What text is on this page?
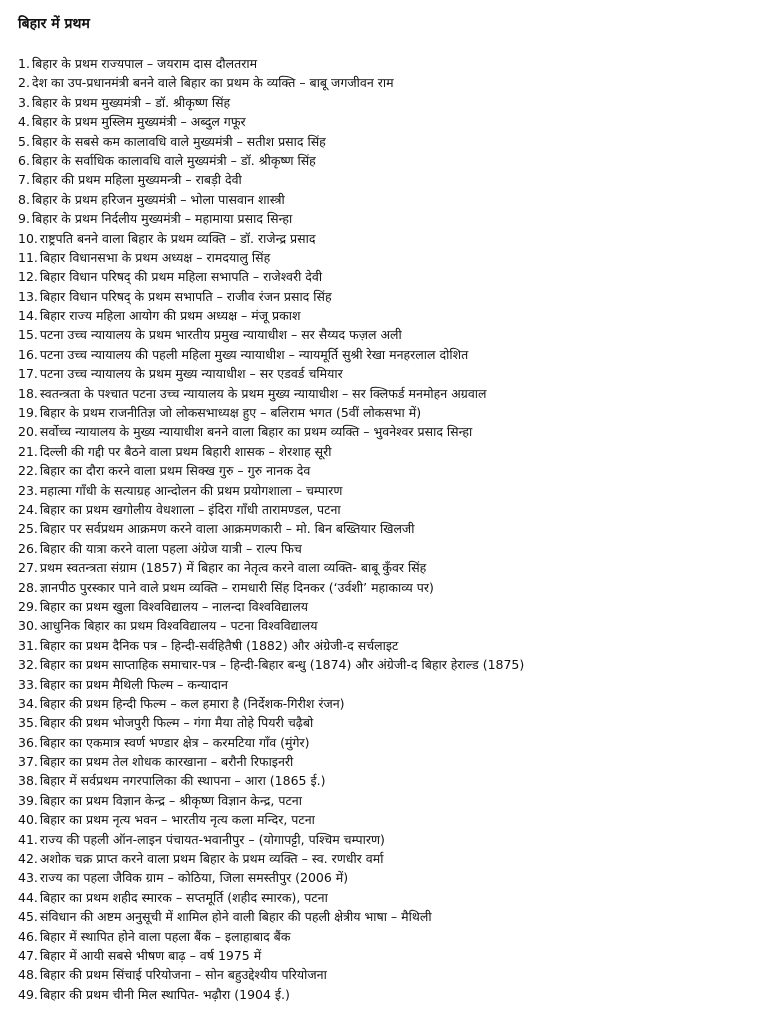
बिहार में प्रथम
1. बिहार के प्रथम राज्यपाल – जयराम दास दौलतराम
2. देश का उप-प्रधानमंत्री बनने वाले बिहार का प्रथम के व्यक्ति – बाबू जगजीवन राम
3. बिहार के प्रथम मुख्यमंत्री – डॉ. श्रीकृष्ण सिंह
4. बिहार के प्रथम मुस्लिम मुख्यमंत्री – अब्दुल गफूर
5. बिहार के सबसे कम कालावधि वाले मुख्यमंत्री – सतीश प्रसाद सिंह
6. बिहार के सर्वाधिक कालावधि वाले मुख्यमंत्री – डॉ. श्रीकृष्ण सिंह
7. बिहार की प्रथम महिला मुख्यमन्त्री – राबड़ी देवी
8. बिहार के प्रथम हरिजन मुख्यमंत्री – भोला पासवान शास्त्री
9. बिहार के प्रथम निर्दलीय मुख्यमंत्री – महामाया प्रसाद सिन्हा
10. राष्ट्रपति बनने वाला बिहार के प्रथम व्यक्ति – डॉ. राजेन्द्र प्रसाद
11. बिहार विधानसभा के प्रथम अध्यक्ष – रामदयालु सिंह
12. बिहार विधान परिषद् की प्रथम महिला सभापति – राजेश्वरी देवी
13. बिहार विधान परिषद् के प्रथम सभापति – राजीव रंजन प्रसाद सिंह
14. बिहार राज्य महिला आयोग की प्रथम अध्यक्ष – मंजू प्रकाश
15. पटना उच्च न्यायालय के प्रथम भारतीय प्रमुख न्यायाधीश – सर सैय्यद फज़ल अली
16. पटना उच्च न्यायालय की पहली महिला मुख्य न्यायाधीश – न्यायमूर्ति सुश्री रेखा मनहरलाल दोशित
17. पटना उच्च न्यायालय के प्रथम मुख्य न्यायाधीश – सर एडवर्ड चमियार
18. स्वतन्त्रता के पश्चात पटना उच्च न्यायालय के प्रथम मुख्य न्यायाधीश – सर क्लिफर्ड मनमोहन अग्रवाल
19. बिहार के प्रथम राजनीतिज्ञ जो लोकसभाध्यक्ष हुए – बलिराम भगत (5वीं लोकसभा में)
20. सर्वोच्च न्यायालय के मुख्य न्यायाधीश बनने वाला बिहार का प्रथम व्यक्ति – भुवनेश्वर प्रसाद सिन्हा
21. दिल्ली की गद्दी पर बैठने वाला प्रथम बिहारी शासक – शेरशाह सूरी
22. बिहार का दौरा करने वाला प्रथम सिक्ख गुरु – गुरु नानक देव
23. महात्मा गाँधी के सत्याग्रह आन्दोलन की प्रथम प्रयोगशाला – चम्पारण
24. बिहार का प्रथम खगोलीय वेधशाला – इंदिरा गाँधी तारामण्डल, पटना
25. बिहार पर सर्वप्रथम आक्रमण करने वाला आक्रमणकारी – मो. बिन बख्तियार खिलजी
26. बिहार की यात्रा करने वाला पहला अंग्रेज यात्री – राल्प फिच
27. प्रथम स्वतन्त्रता संग्राम (1857) में बिहार का नेतृत्व करने वाला व्यक्ति- बाबू कुँवर सिंह
28. ज्ञानपीठ पुरस्कार पाने वाले प्रथम व्यक्ति – रामधारी सिंह दिनकर (‘उर्वशी’ महाकाव्य पर)
29. बिहार का प्रथम खुला विश्वविद्यालय – नालन्दा विश्वविद्यालय
30. आधुनिक बिहार का प्रथम विश्वविद्यालय – पटना विश्वविद्यालय
31. बिहार का प्रथम दैनिक पत्र – हिन्दी-सर्वहितैषी (1882) और अंग्रेजी-द सर्चलाइट
32. बिहार का प्रथम साप्ताहिक समाचार-पत्र – हिन्दी-बिहार बन्धु (1874) और अंग्रेजी-द बिहार हेराल्ड (1875)
33. बिहार का प्रथम मैथिली फिल्म – कन्यादान
34. बिहार की प्रथम हिन्दी फिल्म – कल हमारा है (निर्देशक-गिरीश रंजन)
35. बिहार की प्रथम भोजपुरी फिल्म – गंगा मैया तोहे पियरी चढ़ैबो
36. बिहार का एकमात्र स्वर्ण भण्डार क्षेत्र – करमटिया गाँव (मुंगेर)
37. बिहार का प्रथम तेल शोधक कारखाना – बरौनी रिफाइनरी
38. बिहार में सर्वप्रथम नगरपालिका की स्थापना – आरा (1865 ई.)
39. बिहार का प्रथम विज्ञान केन्द्र – श्रीकृष्ण विज्ञान केन्द्र, पटना
40. बिहार का प्रथम नृत्य भवन – भारतीय नृत्य कला मन्दिर, पटना
41. राज्य की पहली ऑन-लाइन पंचायत-भवानीपुर – (योगापट्टी, पश्चिम चम्पारण)
42. अशोक चक्र प्राप्त करने वाला प्रथम बिहार के प्रथम व्यक्ति – स्व. रणधीर वर्मा
43. राज्य का पहला जैविक ग्राम – कोठिया, जिला समस्तीपुर (2006 में)
44. बिहार का प्रथम शहीद स्मारक – सप्तमूर्ति (शहीद स्मारक), पटना
45. संविधान की अष्टम अनुसूची में शामिल होने वाली बिहार की पहली क्षेत्रीय भाषा – मैथिली
46. बिहार में स्थापित होने वाला पहला बैंक – इलाहाबाद बैंक
47. बिहार में आयी सबसे भीषण बाढ़ – वर्ष 1975 में
48. बिहार की प्रथम सिंचाई परियोजना – सोन बहुउद्देश्यीय परियोजना
49. बिहार की प्रथम चीनी मिल स्थापित- भढ़ौरा (1904 ई.)
